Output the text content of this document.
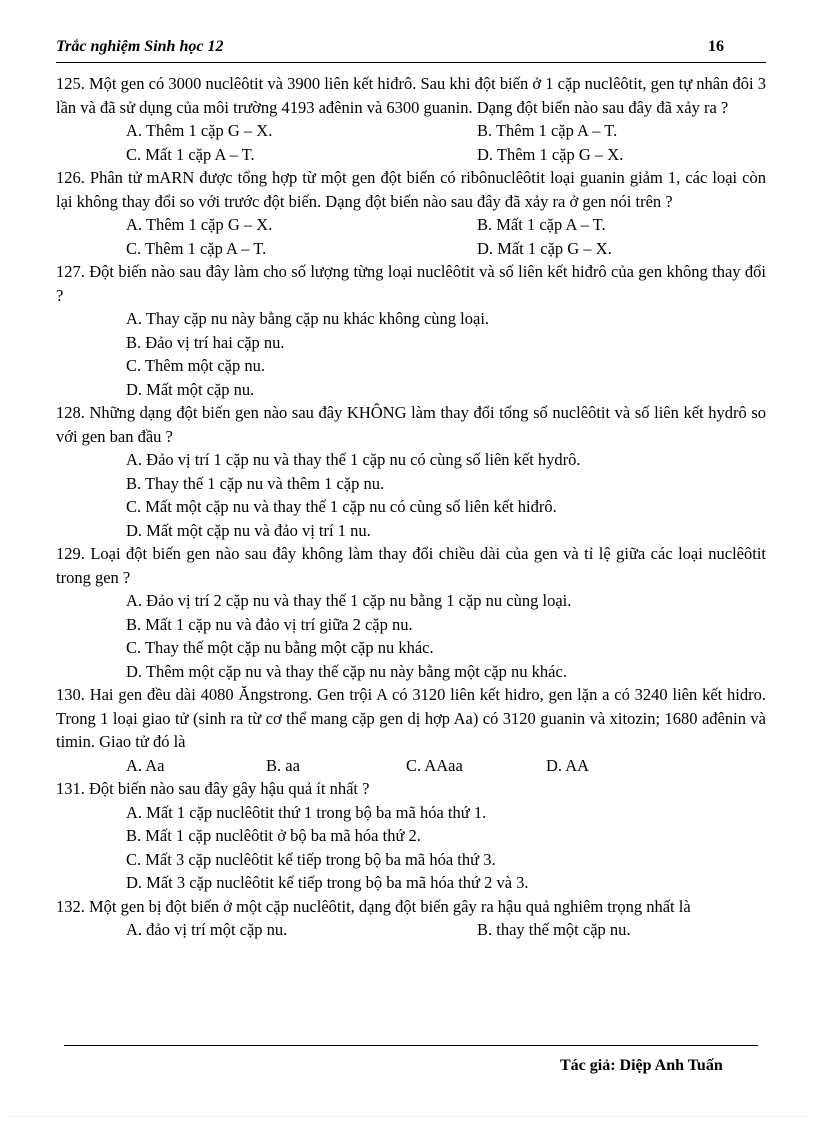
Trắc nghiệm Sinh học 12	16
125. Một gen có 3000 nuclêôtit và 3900 liên kết hiđrô. Sau khi đột biến ở 1 cặp nuclêôtit, gen tự nhân đôi 3 lần và đã sử dụng của môi trường 4193 ađênin và 6300 guanin. Dạng đột biến nào sau đây đã xảy ra ?
A. Thêm 1 cặp G – X.	B. Thêm 1 cặp A – T.
C. Mất 1 cặp A – T.	D. Thêm 1 cặp G – X.
126. Phân tử mARN được tổng hợp từ một gen đột biến có ribônuclêôtit loại guanin giảm 1, các loại còn lại không thay đổi so với trước đột biến. Dạng đột biến nào sau đây đã xảy ra ở gen nói trên ?
A. Thêm 1 cặp G – X.	B. Mất 1 cặp A – T.
C. Thêm 1 cặp A – T.	D. Mất 1 cặp G – X.
127. Đột biến nào sau đây làm cho số lượng từng loại nuclêôtit và số liên kết hiđrô của gen không thay đổi ?
A. Thay cặp nu này bằng cặp nu khác không cùng loại.
B. Đảo vị trí hai cặp nu.
C. Thêm một cặp nu.
D. Mất một cặp nu.
128. Những dạng đột biến gen nào sau đây KHÔNG làm thay đổi tổng số nuclêôtit và số liên kết hydrô so với gen ban đầu ?
A. Đảo vị trí 1 cặp nu và thay thế 1 cặp nu có cùng số liên kết hydrô.
B. Thay thế 1 cặp nu và thêm 1 cặp nu.
C. Mất một cặp nu và thay thế 1 cặp nu có cùng số liên kết hiđrô.
D. Mất một cặp nu và đảo vị trí 1 nu.
129. Loại đột biến gen nào sau đây không làm thay đổi chiều dài của gen và tỉ lệ giữa các loại nuclêôtit trong gen ?
A. Đảo vị trí 2 cặp nu và thay thế 1 cặp nu bằng 1 cặp nu cùng loại.
B. Mất 1 cặp nu và đảo vị trí giữa 2 cặp nu.
C. Thay thế một cặp nu bằng một cặp nu khác.
D. Thêm một cặp nu và thay thế cặp nu này bằng một cặp nu khác.
130. Hai gen đều dài 4080 Ăngstrong. Gen trội A có 3120 liên kết hidro, gen lặn a có 3240 liên kết hidro. Trong 1 loại giao tử (sinh ra từ cơ thể mang cặp gen dị hợp Aa) có 3120 guanin và xitozin; 1680 ađênin và timin. Giao tử đó là
A. Aa	B. aa	C. AAaa	D. AA
131. Đột biến nào sau đây gây hậu quả ít nhất ?
A. Mất 1 cặp nuclêôtit thứ 1 trong bộ ba mã hóa thứ 1.
B. Mất 1 cặp nuclêôtit ở bộ ba mã hóa thứ 2.
C. Mất 3 cặp nuclêôtit kế tiếp trong bộ ba mã hóa thứ 3.
D. Mất 3 cặp nuclêôtit kế tiếp trong bộ ba mã hóa thứ 2 và 3.
132. Một gen bị đột biến ở một cặp nuclêôtit, dạng đột biến gây ra hậu quả nghiêm trọng nhất là
A. đảo vị trí một cặp nu.	B. thay thế một cặp nu.
Tác giả: Diệp Anh Tuấn
